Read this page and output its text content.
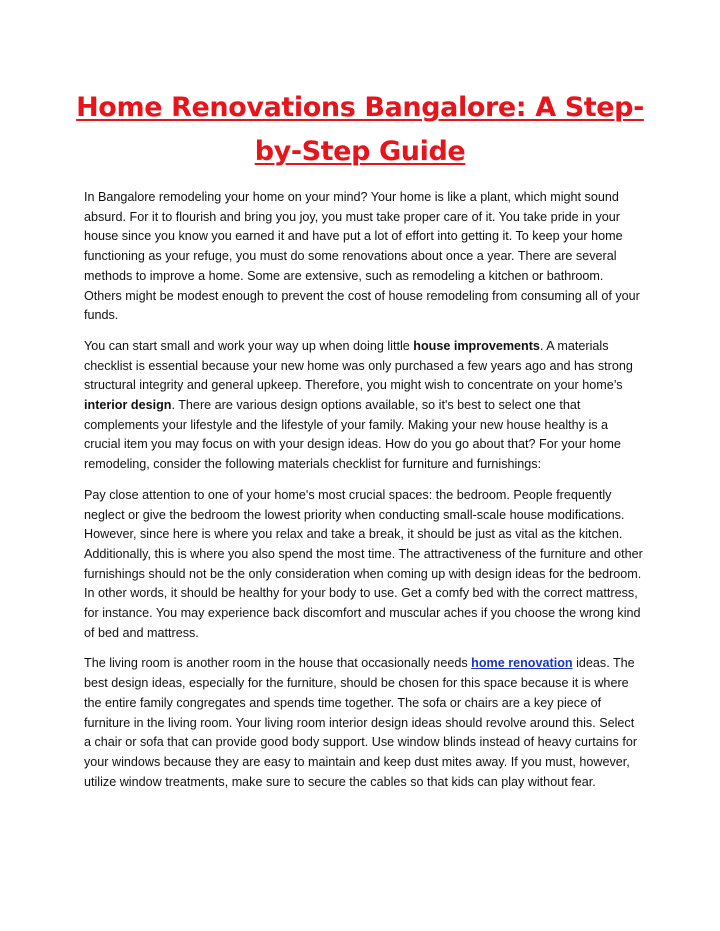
Home Renovations Bangalore: A Step-by-Step Guide

In Bangalore remodeling your home on your mind? Your home is like a plant, which might sound absurd. For it to flourish and bring you joy, you must take proper care of it. You take pride in your house since you know you earned it and have put a lot of effort into getting it. To keep your home functioning as your refuge, you must do some renovations about once a year. There are several methods to improve a home. Some are extensive, such as remodeling a kitchen or bathroom. Others might be modest enough to prevent the cost of house remodeling from consuming all of your funds.

You can start small and work your way up when doing little house improvements. A materials checklist is essential because your new home was only purchased a few years ago and has strong structural integrity and general upkeep. Therefore, you might wish to concentrate on your home’s interior design. There are various design options available, so it's best to select one that complements your lifestyle and the lifestyle of your family. Making your new house healthy is a crucial item you may focus on with your design ideas. How do you go about that? For your home remodeling, consider the following materials checklist for furniture and furnishings:

Pay close attention to one of your home's most crucial spaces: the bedroom. People frequently neglect or give the bedroom the lowest priority when conducting small-scale house modifications. However, since here is where you relax and take a break, it should be just as vital as the kitchen. Additionally, this is where you also spend the most time. The attractiveness of the furniture and other furnishings should not be the only consideration when coming up with design ideas for the bedroom. In other words, it should be healthy for your body to use. Get a comfy bed with the correct mattress, for instance. You may experience back discomfort and muscular aches if you choose the wrong kind of bed and mattress.

The living room is another room in the house that occasionally needs home renovation ideas. The best design ideas, especially for the furniture, should be chosen for this space because it is where the entire family congregates and spends time together. The sofa or chairs are a key piece of furniture in the living room. Your living room interior design ideas should revolve around this. Select a chair or sofa that can provide good body support. Use window blinds instead of heavy curtains for your windows because they are easy to maintain and keep dust mites away. If you must, however, utilize window treatments, make sure to secure the cables so that kids can play without fear.
